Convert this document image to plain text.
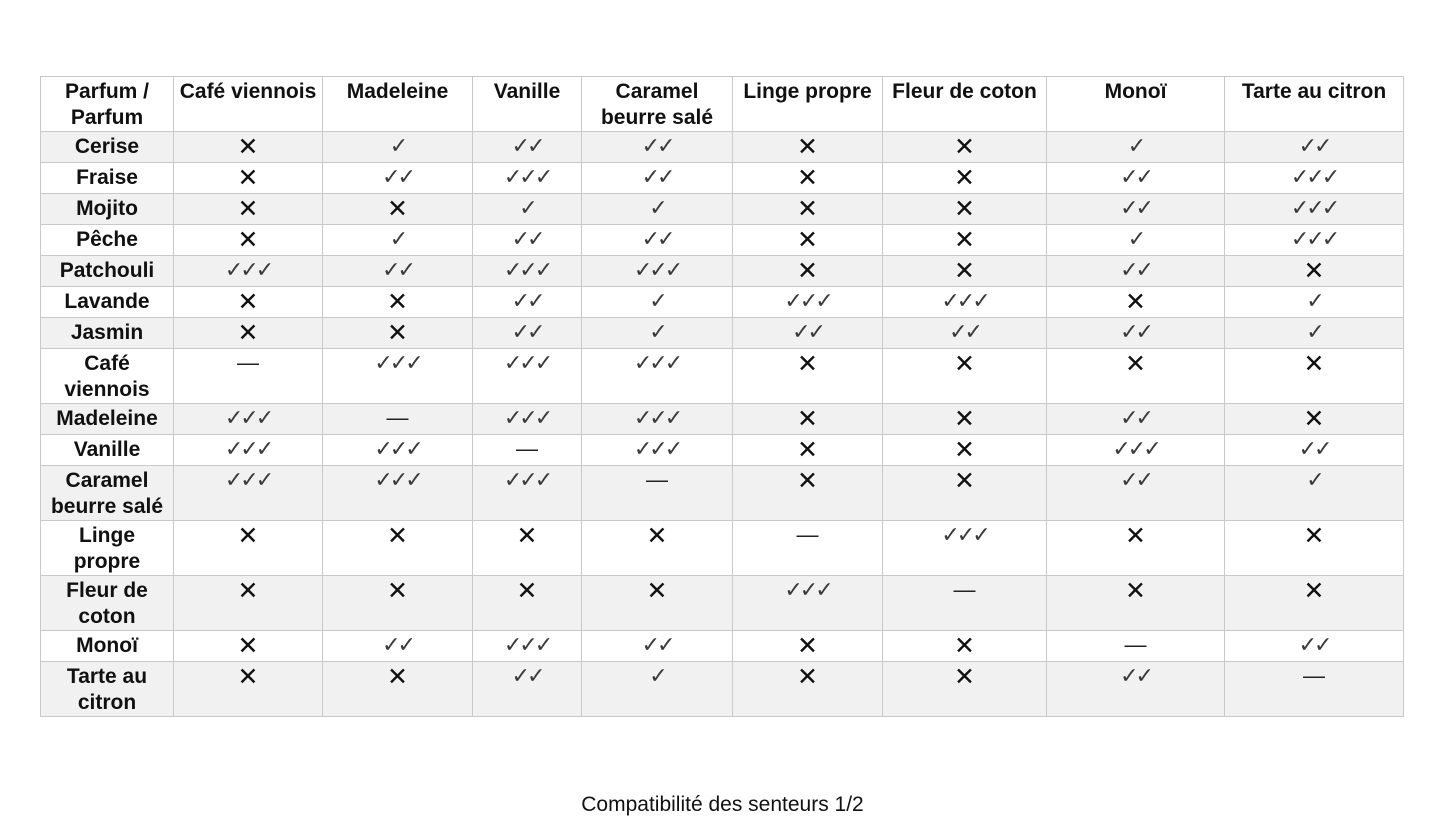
Parfum / Parfum	Café viennois	Madeleine	Vanille	Caramel beurre salé	Linge propre	Fleur de coton	Monoï	Tarte au citron
Cerise	✕	✓	✓✓	✓✓	✕	✕	✓	✓✓
Fraise	✕	✓✓	✓✓✓	✓✓	✕	✕	✓✓	✓✓✓
Mojito	✕	✕	✓	✓	✕	✕	✓✓	✓✓✓
Pêche	✕	✓	✓✓	✓✓	✕	✕	✓	✓✓✓
Patchouli	✓✓✓	✓✓	✓✓✓	✓✓✓	✕	✕	✓✓	✕
Lavande	✕	✕	✓✓	✓	✓✓✓	✓✓✓	✕	✓
Jasmin	✕	✕	✓✓	✓	✓✓	✓✓	✓✓	✓
Café viennois	—	✓✓✓	✓✓✓	✓✓✓	✕	✕	✕	✕
Madeleine	✓✓✓	—	✓✓✓	✓✓✓	✕	✕	✓✓	✕
Vanille	✓✓✓	✓✓✓	—	✓✓✓	✕	✕	✓✓✓	✓✓
Caramel beurre salé	✓✓✓	✓✓✓	✓✓✓	—	✕	✕	✓✓	✓
Linge propre	✕	✕	✕	✕	—	✓✓✓	✕	✕
Fleur de coton	✕	✕	✕	✕	✓✓✓	—	✕	✕
Monoï	✕	✓✓	✓✓✓	✓✓	✕	✕	—	✓✓
Tarte au citron	✕	✕	✓✓	✓	✕	✕	✓✓	—
Compatibilité des senteurs 1/2
